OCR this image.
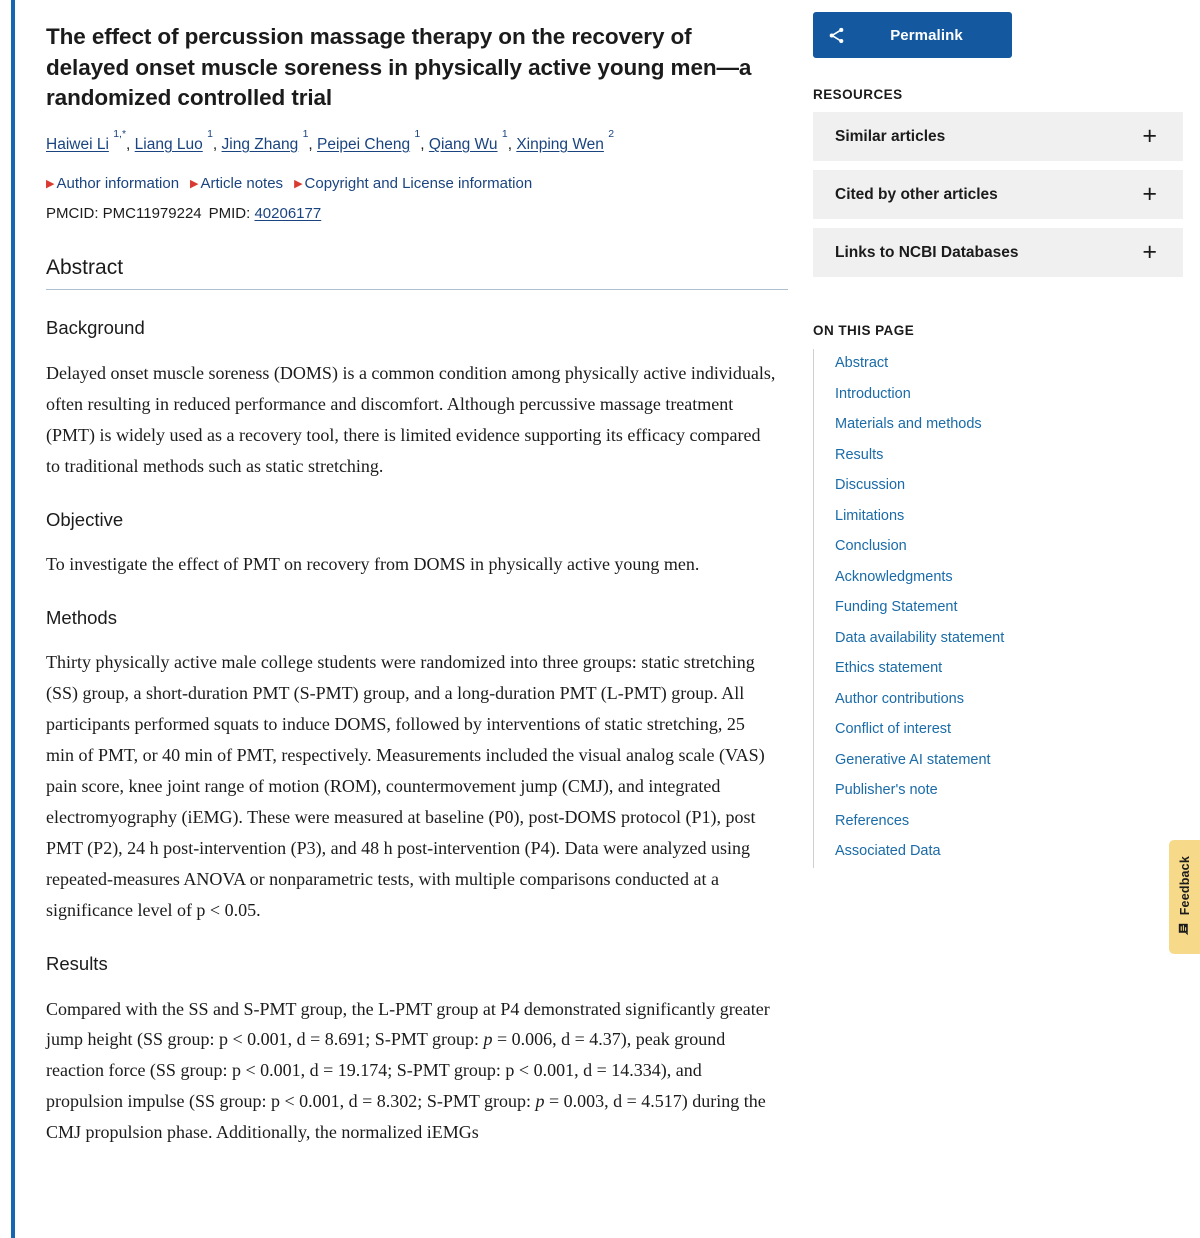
The effect of percussion massage therapy on the recovery of delayed onset muscle soreness in physically active young men—a randomized controlled trial
Haiwei Li $^{1,*}$, Liang Luo $^1$, Jing Zhang $^1$, Peipei Cheng $^1$, Qiang Wu $^1$, Xinping Wen $^2$
▶ Author information ▶ Article notes ▶ Copyright and License information
PMCID: PMC11979224 PMID: 40206177
Abstract
Background

Delayed onset muscle soreness (DOMS) is a common condition among physically active individuals, often resulting in reduced performance and discomfort. Although percussive massage treatment (PMT) is widely used as a recovery tool, there is limited evidence supporting its efficacy compared to traditional methods such as static stretching.

Objective

To investigate the effect of PMT on recovery from DOMS in physically active young men.

Methods

Thirty physically active male college students were randomized into three groups: static stretching (SS) group, a short-duration PMT (S-PMT) group, and a long-duration PMT (L-PMT) group. All participants performed squats to induce DOMS, followed by interventions of static stretching, 25 min of PMT, or 40 min of PMT, respectively. Measurements included the visual analog scale (VAS) pain score, knee joint range of motion (ROM), countermovement jump (CMJ), and integrated electromyography (iEMG). These were measured at baseline (P0), post-DOMS protocol (P1), post PMT (P2), 24 h post-intervention (P3), and 48 h post-intervention (P4). Data were analyzed using repeated-measures ANOVA or nonparametric tests, with multiple comparisons conducted at a significance level of p < 0.05.

Results

Compared with the SS and S-PMT group, the L-PMT group at P4 demonstrated significantly greater jump height (SS group: p < 0.001, d = 8.691; S-PMT group: p = 0.006, d = 4.37), peak ground reaction force (SS group: p < 0.001, d = 19.174; S-PMT group: p < 0.001, d = 14.334), and propulsion impulse (SS group: p < 0.001, d = 8.302; S-PMT group: p = 0.003, d = 4.517) during the CMJ propulsion phase. Additionally, the normalized iEMGs

Permalink
RESOURCES
Similar articles	+
Cited by other articles	+
Links to NCBI Databases	+
ON THIS PAGE
Abstract
Introduction
Materials and methods
Results
Discussion
Limitations
Conclusion
Acknowledgments
Funding Statement
Data availability statement
Ethics statement
Author contributions
Conflict of interest
Generative AI statement
Publisher's note
References
Associated Data
Feedback
